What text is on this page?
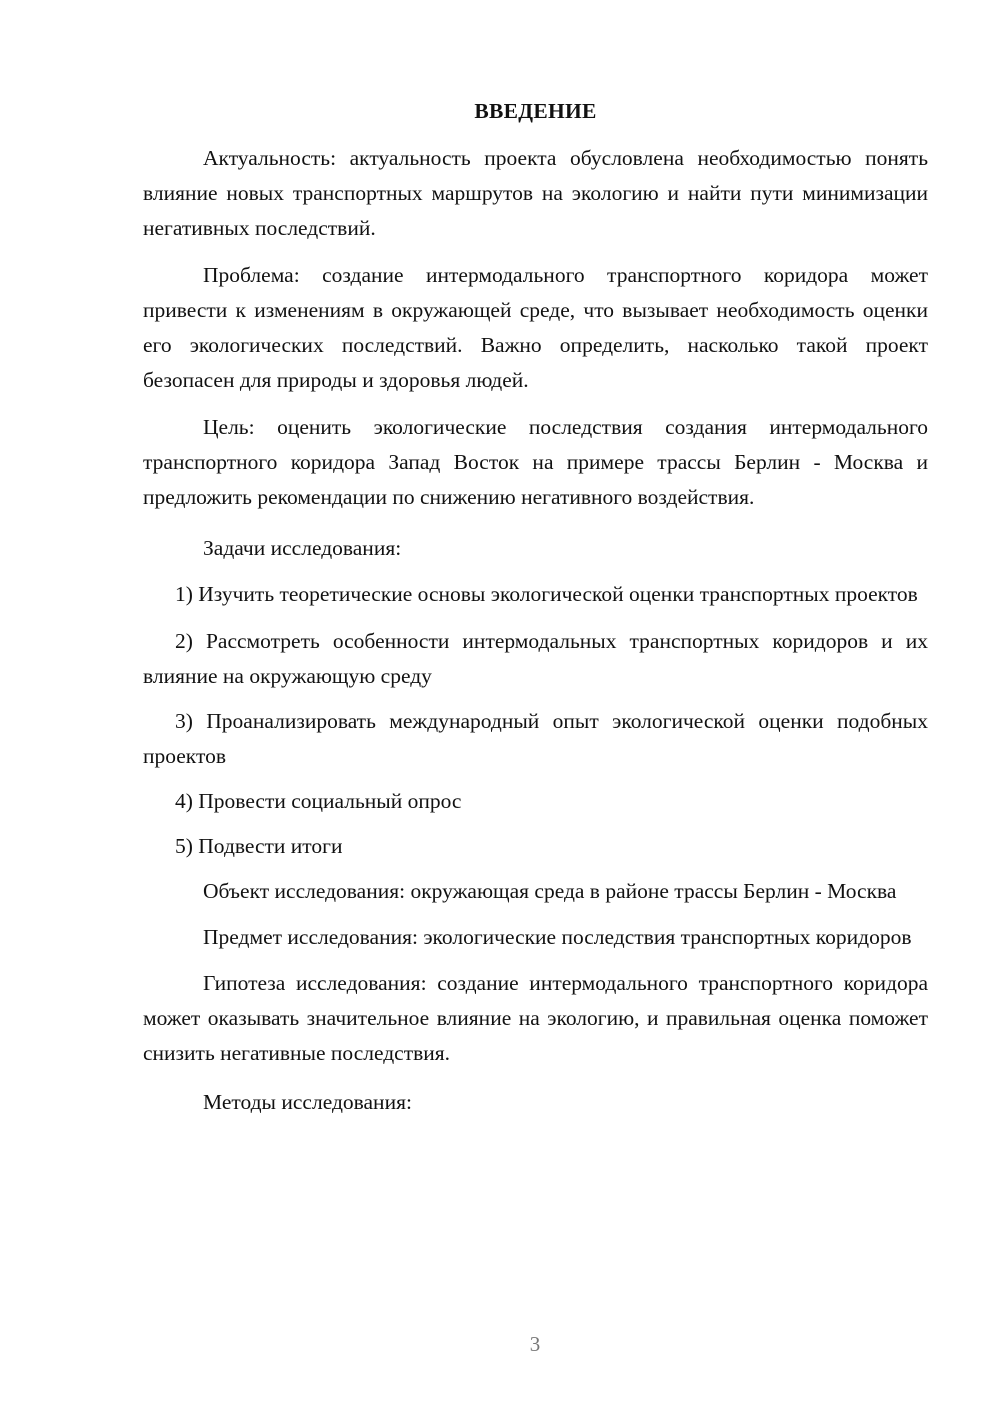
ВВЕДЕНИЕ

Актуальность: актуальность проекта обусловлена необходимостью понять влияние новых транспортных маршрутов на экологию и найти пути минимизации негативных последствий.

Проблема: создание интермодального транспортного коридора может привести к изменениям в окружающей среде, что вызывает необходимость оценки его экологических последствий. Важно определить, насколько такой проект безопасен для природы и здоровья людей.

Цель: оценить экологические последствия создания интермодального транспортного коридора Запад Восток на примере трассы Берлин - Москва и предложить рекомендации по снижению негативного воздействия.

Задачи исследования:

1) Изучить теоретические основы экологической оценки транспортных проектов

2) Рассмотреть особенности интермодальных транспортных коридоров и их влияние на окружающую среду

3) Проанализировать международный опыт экологической оценки подобных проектов

4) Провести социальный опрос

5) Подвести итоги

Объект исследования: окружающая среда в районе трассы Берлин - Москва

Предмет исследования: экологические последствия транспортных коридоров

Гипотеза исследования: создание интермодального транспортного коридора может оказывать значительное влияние на экологию, и правильная оценка поможет снизить негативные последствия.

Методы исследования:

3
